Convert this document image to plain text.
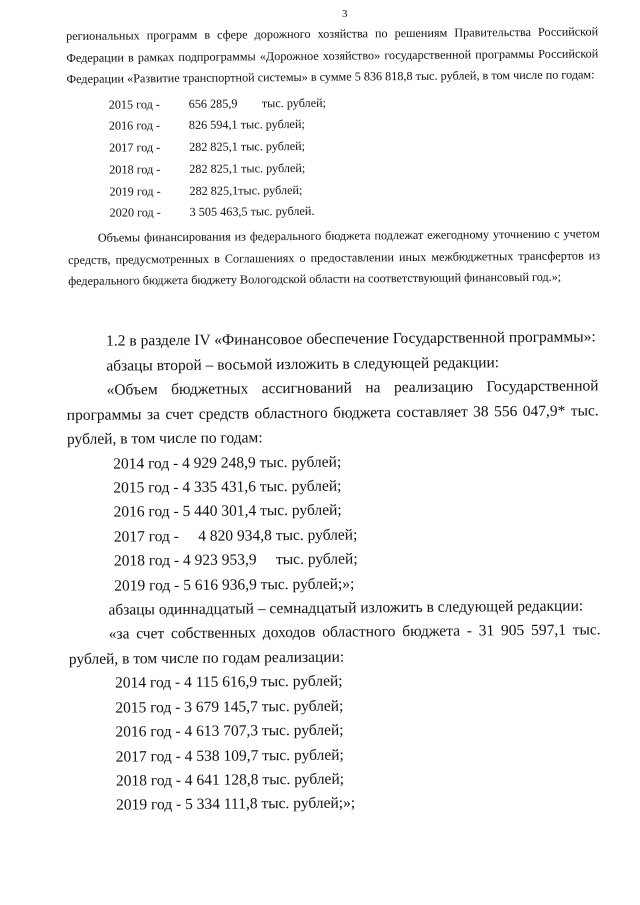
3

региональных программ в сфере дорожного хозяйства по решениям Правительства Российской Федерации в рамках подпрограммы «Дорожное хозяйство» государственной программы Российской Федерации «Развитие транспортной системы» в сумме 5 836 818,8 тыс. рублей, в том числе по годам:

2015 год - 656 285,9        тыс. рублей;
2016 год - 826 594,1 тыс. рублей;
2017 год - 282 825,1 тыс. рублей;
2018 год - 282 825,1 тыс. рублей;
2019 год - 282 825,1тыс. рублей;
2020 год - 3 505 463,5 тыс. рублей.

Объемы финансирования из федерального бюджета подлежат ежегодному уточнению с учетом средств, предусмотренных в Соглашениях о предоставлении иных межбюджетных трансфертов из федерального бюджета бюджету Вологодской области на соответствующий финансовый год.»;

1.2 в разделе IV «Финансовое обеспечение Государственной программы»:

абзацы второй – восьмой изложить в следующей редакции:

«Объем бюджетных ассигнований на реализацию Государственной программы за счет средств областного бюджета составляет 38 556 047,9* тыс. рублей, в том числе по годам:

2014 год - 4 929 248,9 тыс. рублей;
2015 год - 4 335 431,6 тыс. рублей;
2016 год - 5 440 301,4 тыс. рублей;
2017 год -     4 820 934,8 тыс. рублей;
2018 год - 4 923 953,9     тыс. рублей;
2019 год - 5 616 936,9 тыс. рублей;»;

абзацы одиннадцатый – семнадцатый изложить в следующей редакции:

«за счет собственных доходов областного бюджета - 31 905 597,1 тыс. рублей, в том числе по годам реализации:

2014 год - 4 115 616,9 тыс. рублей;
2015 год - 3 679 145,7 тыс. рублей;
2016 год - 4 613 707,3 тыс. рублей;
2017 год - 4 538 109,7 тыс. рублей;
2018 год - 4 641 128,8 тыс. рублей;
2019 год - 5 334 111,8 тыс. рублей;»;
